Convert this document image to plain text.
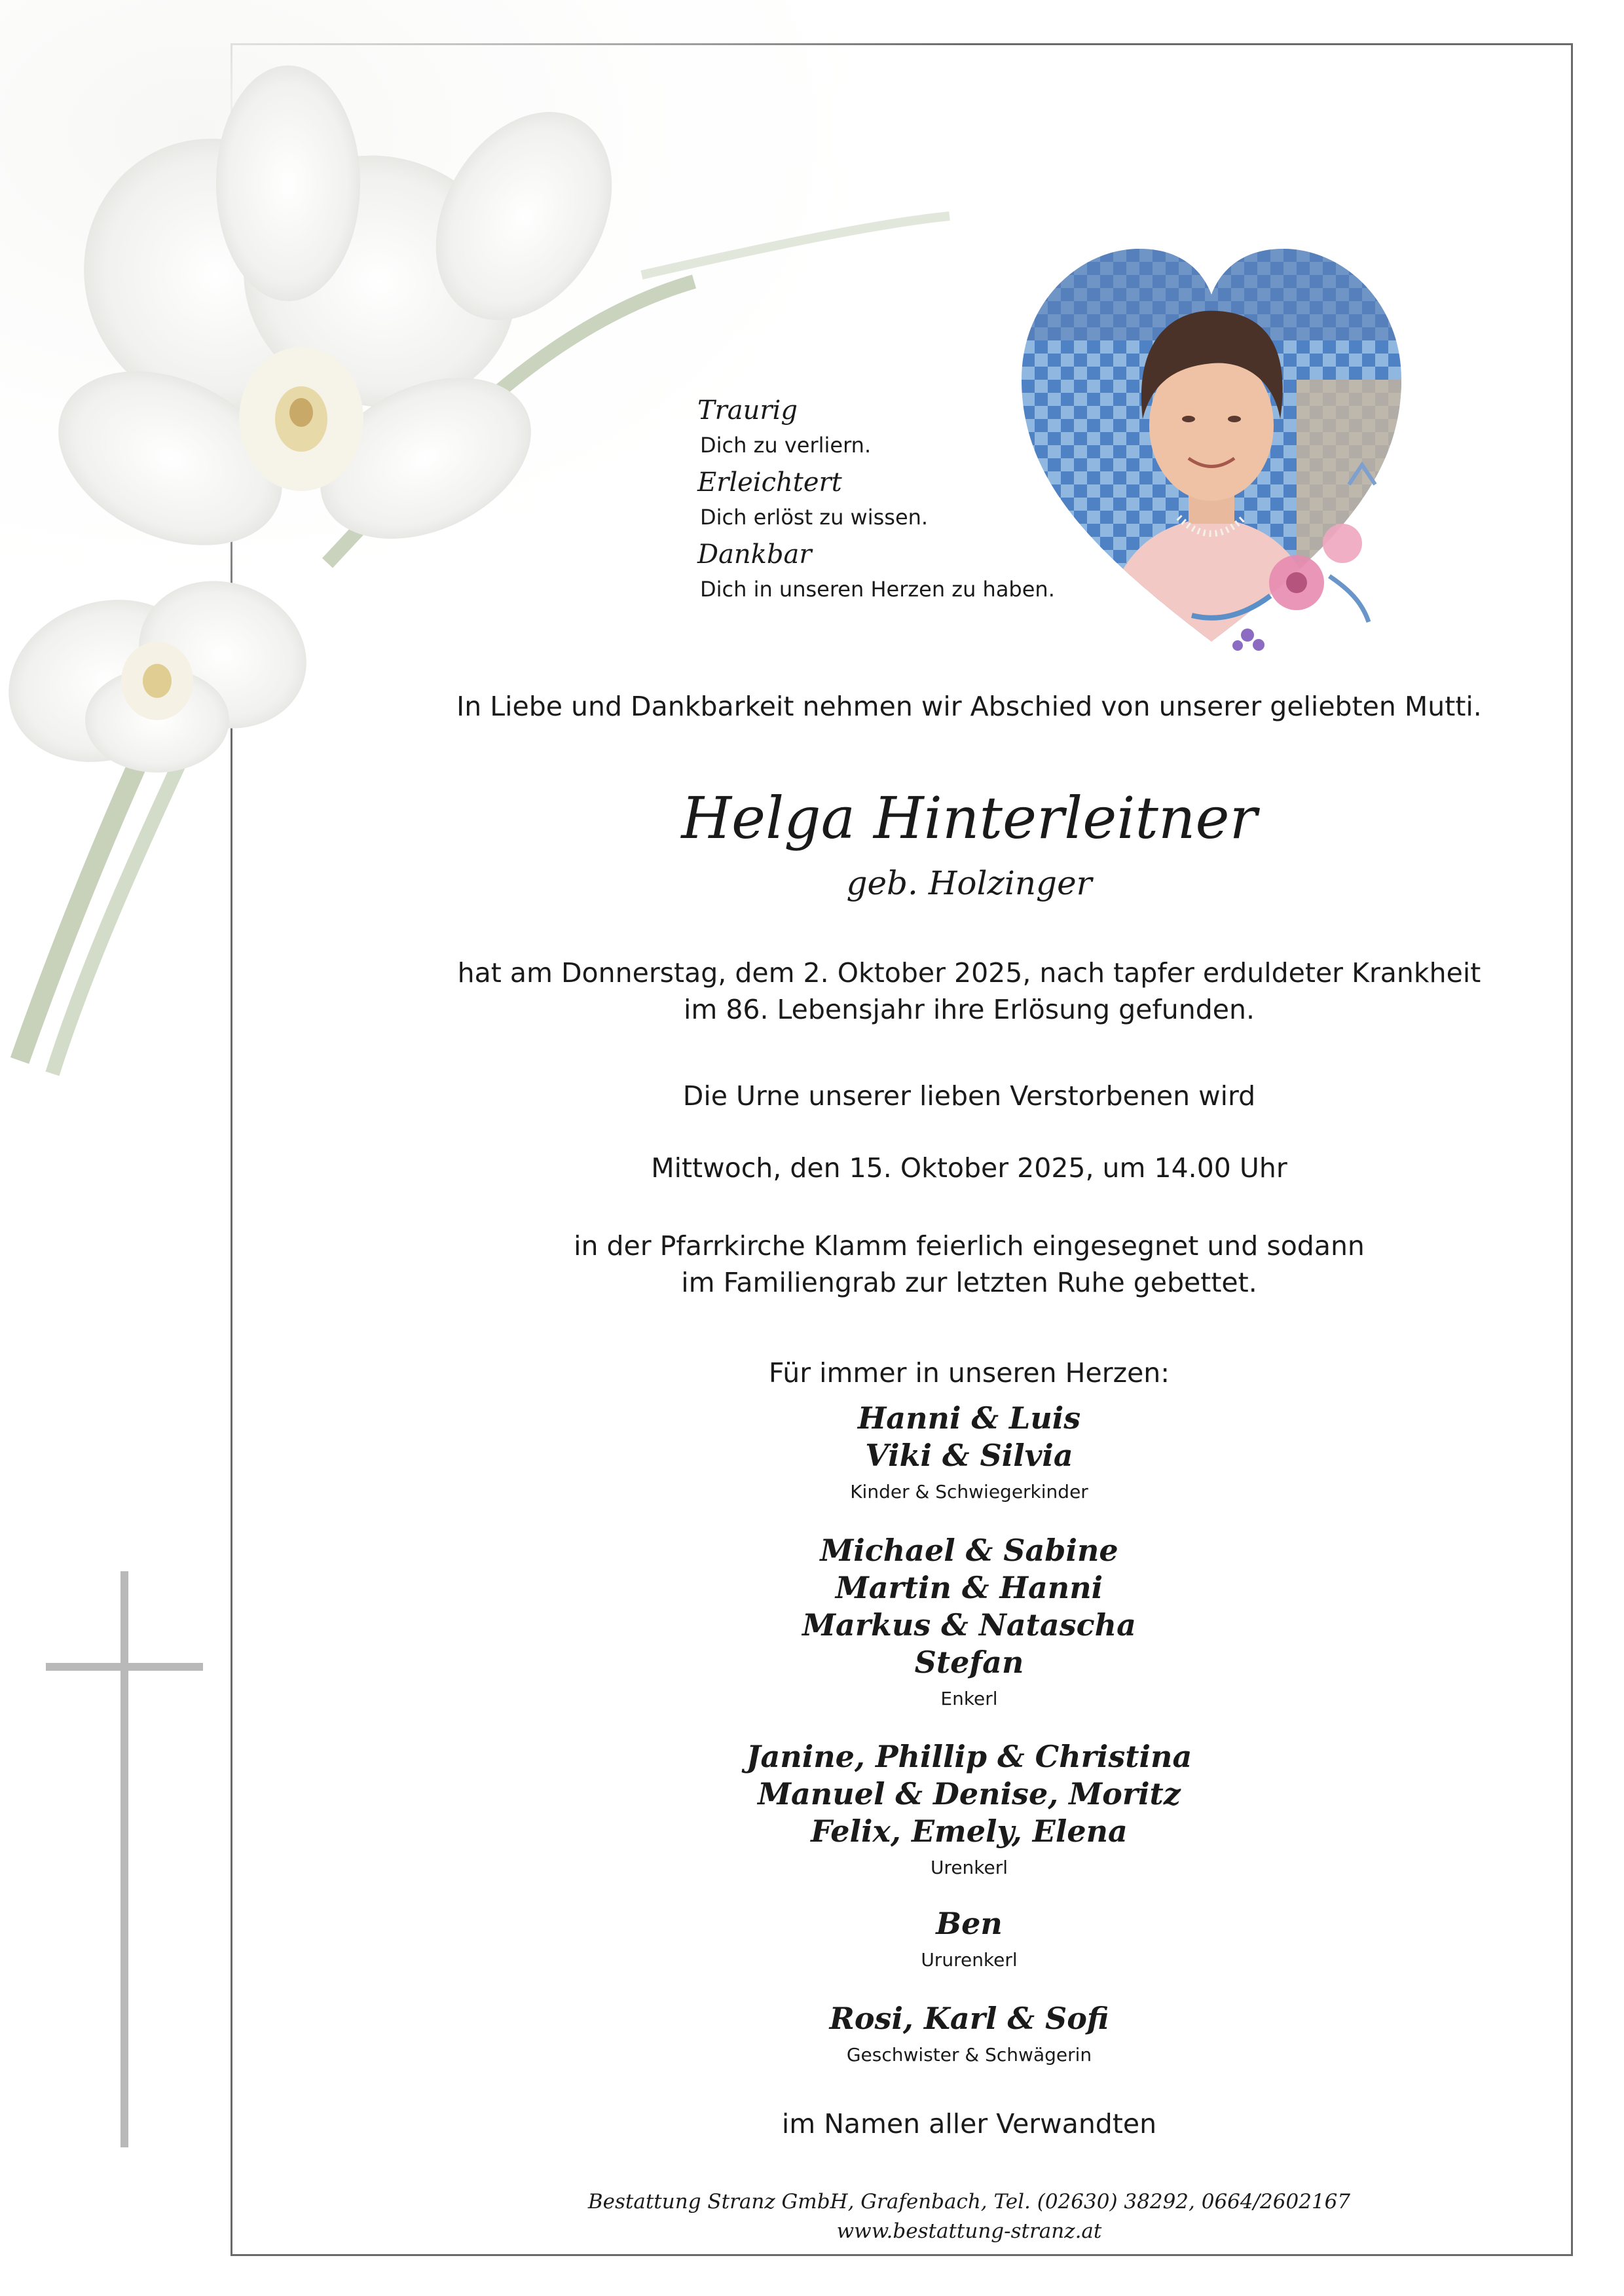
Traurig
Dich zu verliern.
Erleichtert
Dich erlöst zu wissen.
Dankbar
Dich in unseren Herzen zu haben.
In Liebe und Dankbarkeit nehmen wir Abschied von unserer geliebten Mutti.
Helga Hinterleitner
geb. Holzinger
hat am Donnerstag, dem 2. Oktober 2025, nach tapfer erduldeter Krankheit
im 86. Lebensjahr ihre Erlösung gefunden.
Die Urne unserer lieben Verstorbenen wird
Mittwoch, den 15. Oktober 2025, um 14.00 Uhr
in der Pfarrkirche Klamm feierlich eingesegnet und sodann
im Familiengrab zur letzten Ruhe gebettet.
Für immer in unseren Herzen:
Hanni & Luis
Viki & Silvia
Kinder & Schwiegerkinder
Michael & Sabine
Martin & Hanni
Markus & Natascha
Stefan
Enkerl
Janine, Phillip & Christina
Manuel & Denise, Moritz
Felix, Emely, Elena
Urenkerl
Ben
Ururenkerl
Rosi, Karl & Sofi
Geschwister & Schwägerin
im Namen aller Verwandten
Bestattung Stranz GmbH, Grafenbach, Tel. (02630) 38292, 0664/2602167
www.bestattung-stranz.at
